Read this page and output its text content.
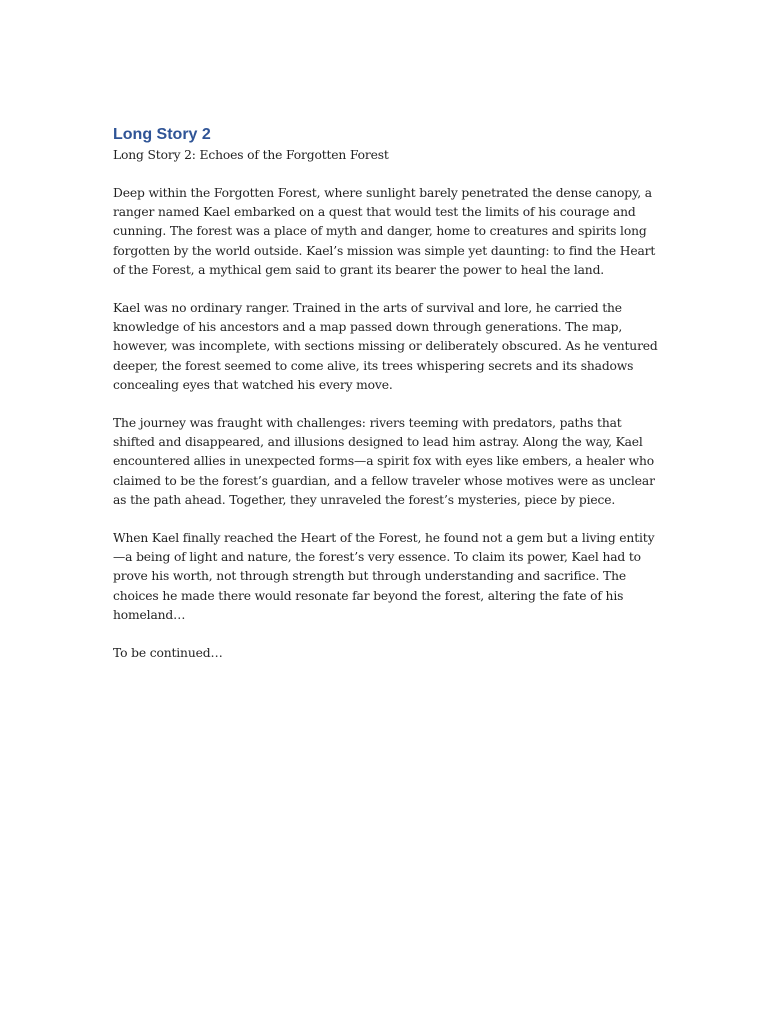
Long Story 2

Long Story 2: Echoes of the Forgotten Forest

Deep within the Forgotten Forest, where sunlight barely penetrated the dense canopy, a ranger named Kael embarked on a quest that would test the limits of his courage and cunning. The forest was a place of myth and danger, home to creatures and spirits long forgotten by the world outside. Kael’s mission was simple yet daunting: to find the Heart of the Forest, a mythical gem said to grant its bearer the power to heal the land.

Kael was no ordinary ranger. Trained in the arts of survival and lore, he carried the knowledge of his ancestors and a map passed down through generations. The map, however, was incomplete, with sections missing or deliberately obscured. As he ventured deeper, the forest seemed to come alive, its trees whispering secrets and its shadows concealing eyes that watched his every move.

The journey was fraught with challenges: rivers teeming with predators, paths that shifted and disappeared, and illusions designed to lead him astray. Along the way, Kael encountered allies in unexpected forms—a spirit fox with eyes like embers, a healer who claimed to be the forest’s guardian, and a fellow traveler whose motives were as unclear as the path ahead. Together, they unraveled the forest’s mysteries, piece by piece.

When Kael finally reached the Heart of the Forest, he found not a gem but a living entity—a being of light and nature, the forest’s very essence. To claim its power, Kael had to prove his worth, not through strength but through understanding and sacrifice. The choices he made there would resonate far beyond the forest, altering the fate of his homeland…

To be continued…
